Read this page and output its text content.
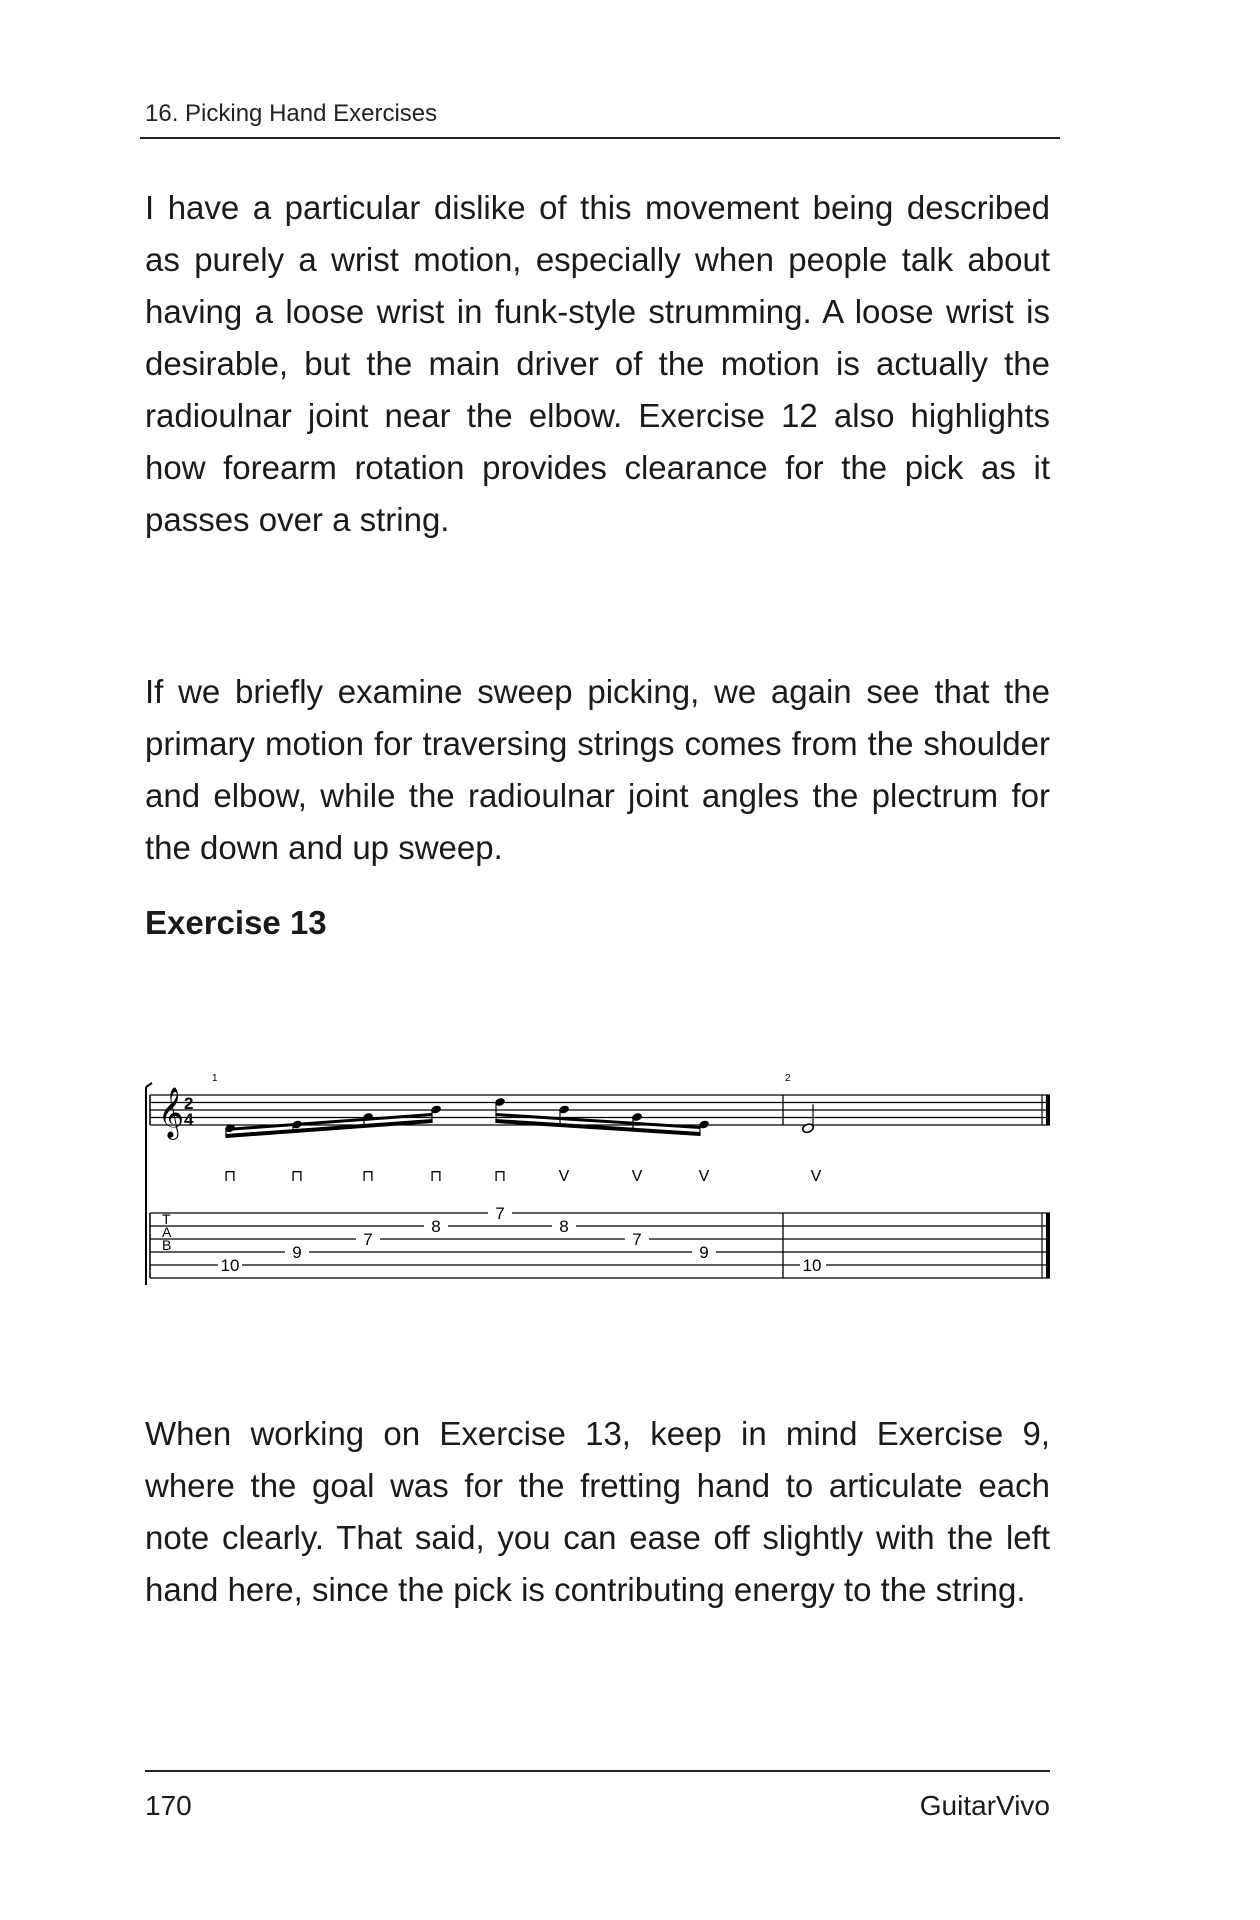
16. Picking Hand Exercises

I have a particular dislike of this movement being described as purely a wrist motion, especially when people talk about having a loose wrist in funk-style strumming. A loose wrist is desirable, but the main driver of the motion is actually the radioulnar joint near the elbow. Exercise 12 also highlights how forearm rotation provides clearance for the pick as it passes over a string.

If we briefly examine sweep picking, we again see that the primary motion for traversing strings comes from the shoulder and elbow, while the radioulnar joint angles the plectrum for the down and up sweep.

Exercise 13
𝄞 2
4
1	2
T
A
B
10
⊓
9
⊓
7
⊓
8
⊓
7
⊓
8
V
7
V
9
V
10
V

When working on Exercise 13, keep in mind Exercise 9, where the goal was for the fretting hand to articulate each note clearly. That said, you can ease off slightly with the left hand here, since the pick is contributing energy to the string.

170	GuitarVivo
